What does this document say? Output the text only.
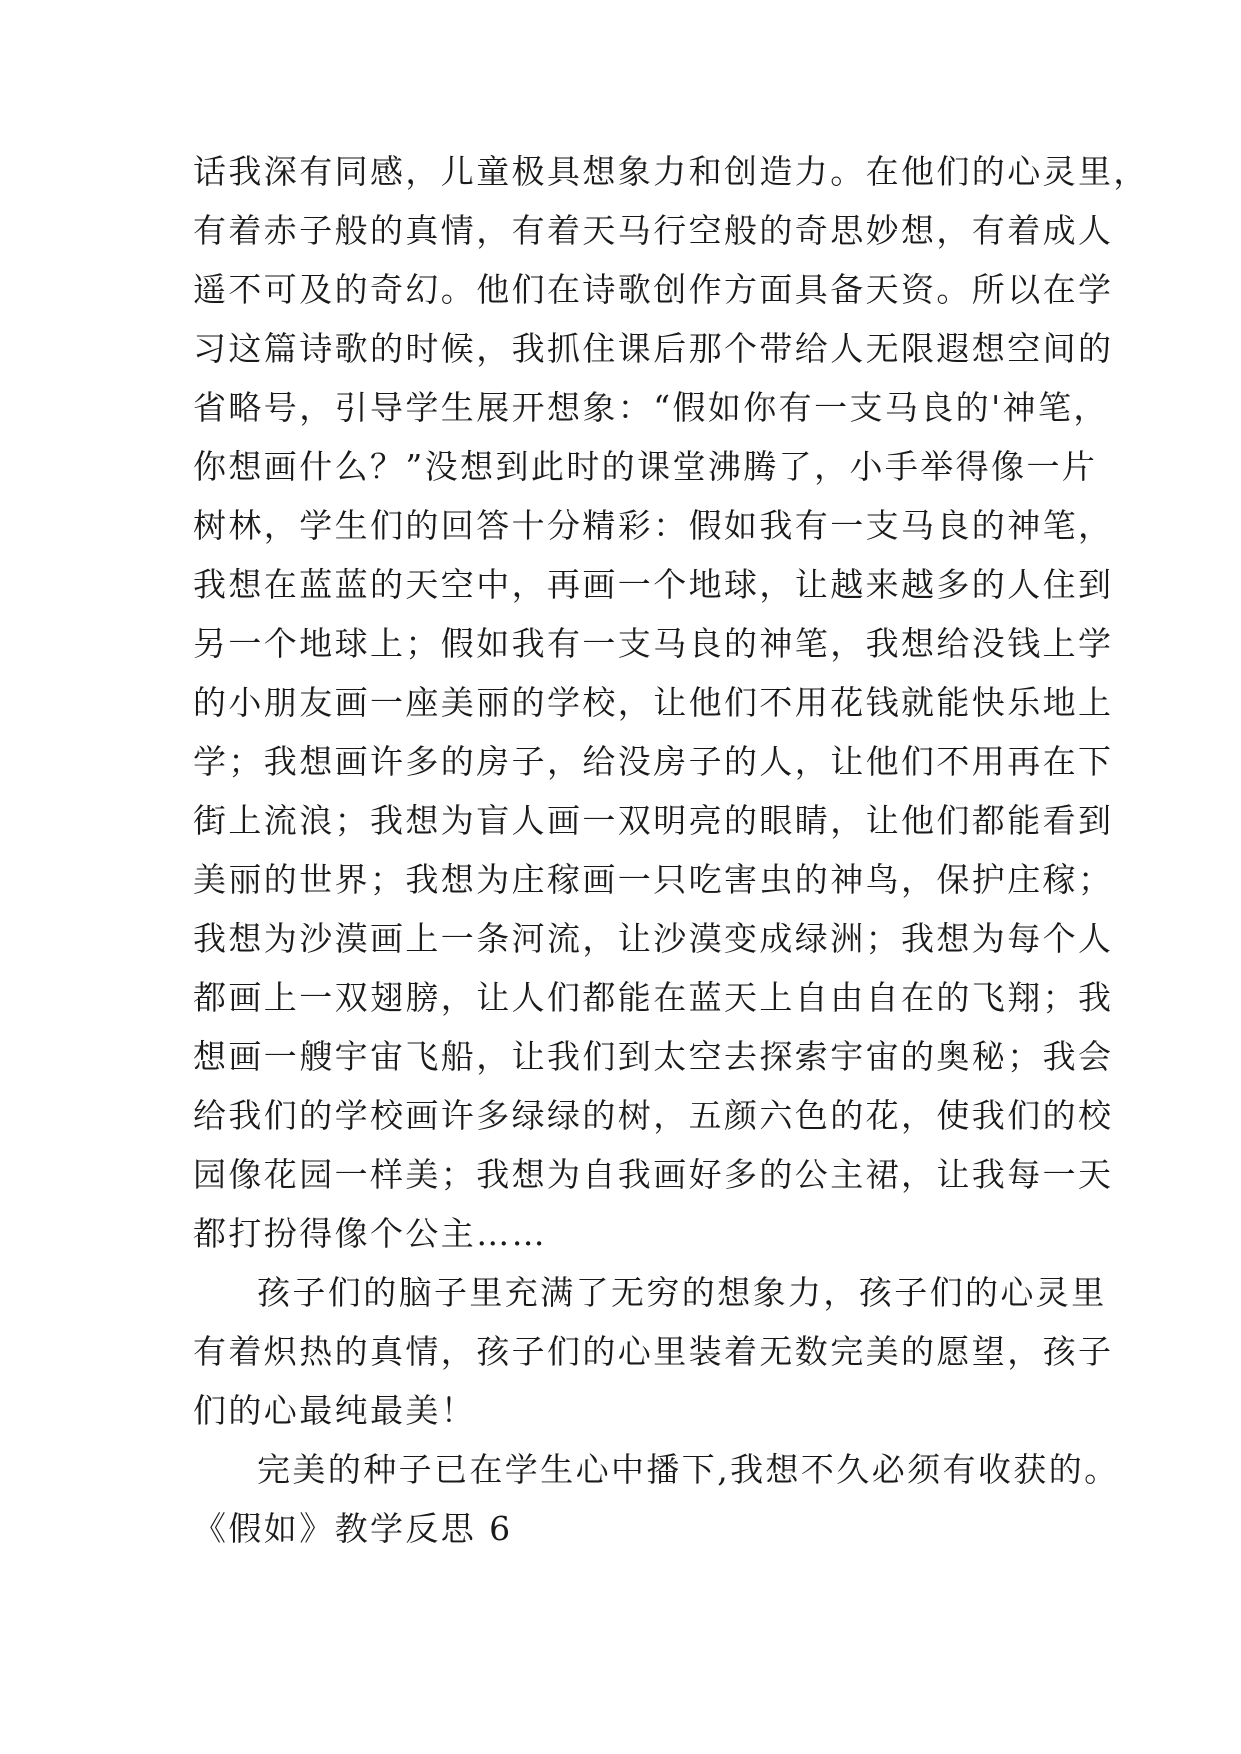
话我深有同感，儿童极具想象力和创造力。在他们的心灵里，
有着赤子般的真情，有着天马行空般的奇思妙想，有着成人
遥不可及的奇幻。他们在诗歌创作方面具备天资。所以在学
习这篇诗歌的时候，我抓住课后那个带给人无限遐想空间的
省略号，引导学生展开想象：“假如你有一支马良的'神笔，
你想画什么？”没想到此时的课堂沸腾了，小手举得像一片
树林，学生们的回答十分精彩：假如我有一支马良的神笔，
我想在蓝蓝的天空中，再画一个地球，让越来越多的人住到
另一个地球上；假如我有一支马良的神笔，我想给没钱上学
的小朋友画一座美丽的学校，让他们不用花钱就能快乐地上
学；我想画许多的房子，给没房子的人，让他们不用再在下
街上流浪；我想为盲人画一双明亮的眼睛，让他们都能看到
美丽的世界；我想为庄稼画一只吃害虫的神鸟，保护庄稼；
我想为沙漠画上一条河流，让沙漠变成绿洲；我想为每个人
都画上一双翅膀，让人们都能在蓝天上自由自在的飞翔；我
想画一艘宇宙飞船，让我们到太空去探索宇宙的奥秘；我会
给我们的学校画许多绿绿的树，五颜六色的花，使我们的校
园像花园一样美；我想为自我画好多的公主裙，让我每一天
都打扮得像个公主……
孩子们的脑子里充满了无穷的想象力，孩子们的心灵里
有着炽热的真情，孩子们的心里装着无数完美的愿望，孩子
们的心最纯最美！
完美的种子已在学生心中播下,我想不久必须有收获的。
《假如》教学反思 6
